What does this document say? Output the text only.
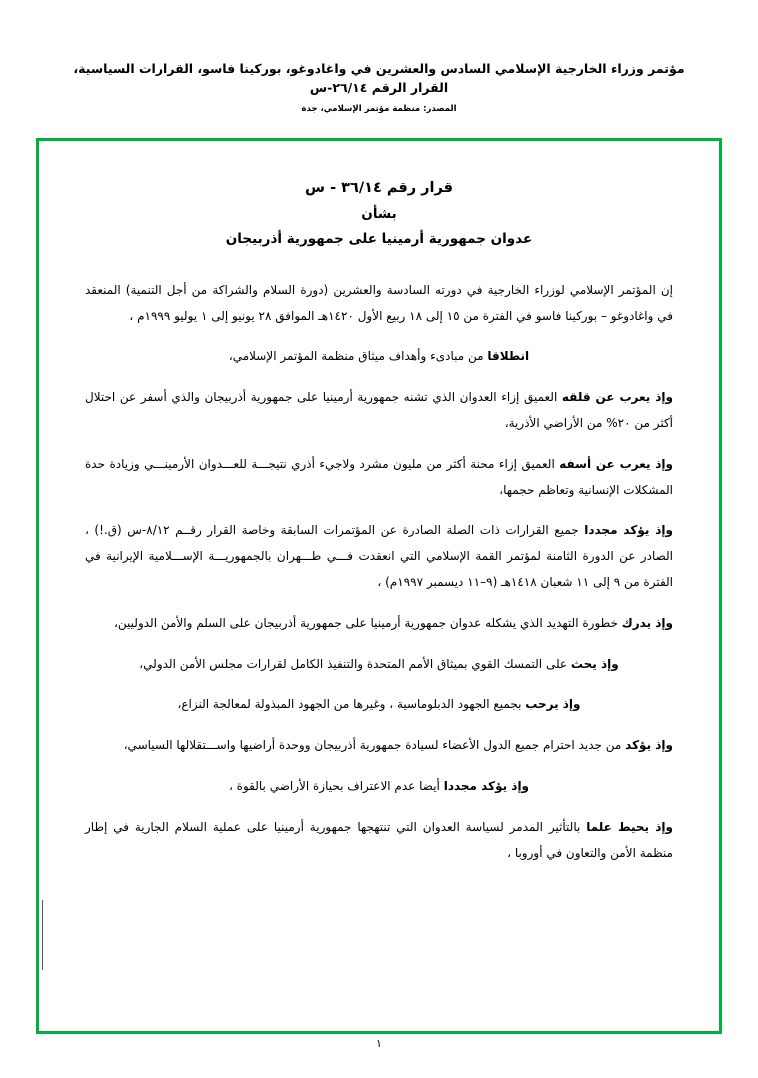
مؤتمر وزراء الخارجية الإسلامي السادس والعشرين في واغادوغو، بوركينا فاسو، القرارات السياسية، القرار الرقم ٢٦/١٤-س
المصدر: منظمة مؤتمر الإسلامي، جدة
قرار رقم ٣٦/١٤ - س
بشأن
عدوان جمهورية أرمينيا على جمهورية أذربيجان

إن المؤتمر الإسلامي لوزراء الخارجية في دورته السادسة والعشرين (دورة السلام والشراكة من أجل التنمية) المنعقد في واغادوغو – بوركينا فاسو في الفترة من ١٥ إلى ١٨ ربيع الأول ١٤٢٠هـ الموافق ٢٨ يونيو إلى ١ يوليو ١٩٩٩م ،

انطلاقا من مبادىء وأهداف ميثاق منظمة المؤتمر الإسلامي،

وإذ يعرب عن قلقه العميق إزاء العدوان الذي تشنه جمهورية أرمينيا على جمهورية أذربيجان والذي أسفر عن احتلال أكثر من ٢٠% من الأراضي الأذرية،

وإذ يعرب عن أسفه العميق إزاء محنة أكثر من مليون مشرد ولاجيء أذري نتيجـــة للعـــدوان الأرمينـــي وزيادة حدة المشكلات الإنسانية وتعاظم حجمها،

وإذ يؤكد مجددا جميع القرارات ذات الصلة الصادرة عن المؤتمرات السابقة وخاصة القرار رقــم ٨/١٢-س (ق.!) ، الصادر عن الدورة الثامنة لمؤتمر القمة الإسلامي التي انعقدت فـــي طـــهران بالجمهوريـــة الإســـلامية الإيرانية في الفترة من ٩ إلى ١١ شعبان ١٤١٨هـ (٩–١١ ديسمبر ١٩٩٧م) ،

وإذ يدرك خطورة التهديد الذي يشكله عدوان جمهورية أرمينيا على جمهورية أذربيجان على السلم والأمن الدوليين،

وإذ يحث على التمسك القوي بميثاق الأمم المتحدة والتنفيذ الكامل لقرارات مجلس الأمن الدولي،

وإذ يرحب بجميع الجهود الدبلوماسية ، وغيرها من الجهود المبذولة لمعالجة النزاع،

وإذ يؤكد من جديد احترام جميع الدول الأعضاء لسيادة جمهورية أذربيجان ووحدة أراضيها واســـتقلالها السياسي،

وإذ يؤكد مجددا أيضا عدم الاعتراف بحيازة الأراضي بالقوة ،

وإذ يحيط علما بالتأثير المدمر لسياسة العدوان التي تنتهجها جمهورية أرمينيا على عملية السلام الجارية في إطار منظمة الأمن والتعاون في أوروبا ،

١
